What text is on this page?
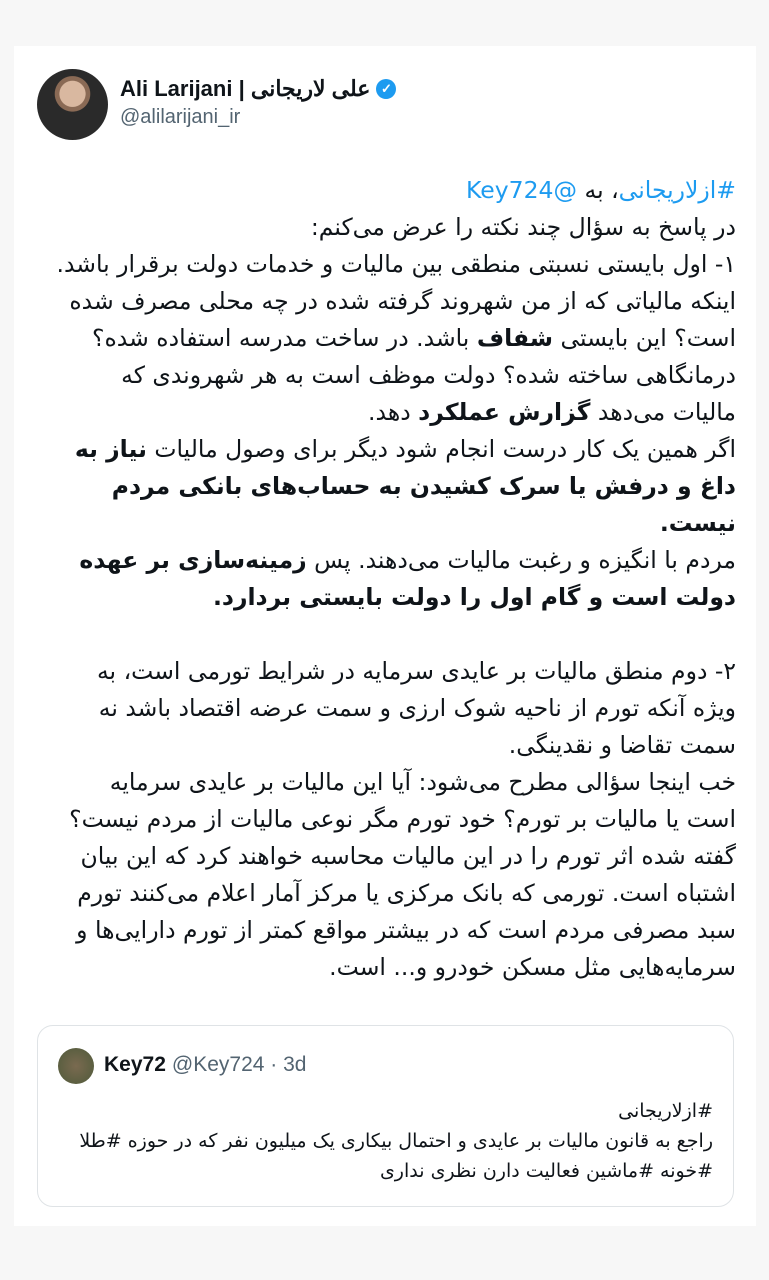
Ali Larijani | علی لاریجانی ✓
@alilarijani_ir

#ازلاریجانی، به @Key724

در پاسخ به سؤال چند نکته را عرض می‌کنم:

۱- اول بایستی نسبتی منطقی بین مالیات و خدمات دولت برقرار باشد. اینکه مالیاتی که از من شهروند گرفته شده در چه محلی مصرف شده است؟ این بایستی شفاف باشد. در ساخت مدرسه استفاده شده؟ درمانگاهی ساخته شده؟ دولت موظف است به هر شهروندی که مالیات می‌دهد گزارش عملکرد دهد.

اگر همین یک کار درست انجام شود دیگر برای وصول مالیات نیاز به داغ و درفش یا سرک کشیدن به حساب‌های بانکی مردم نیست.

مردم با انگیزه و رغبت مالیات می‌دهند. پس زمینه‌سازی بر عهده دولت است و گام اول را دولت بایستی بردارد.

۲- دوم منطق مالیات بر عایدی سرمایه در شرایط تورمی است، به ویژه آنکه تورم از ناحیه شوک ارزی و سمت عرضه اقتصاد باشد نه سمت تقاضا و نقدینگی.

خب اینجا سؤالی مطرح می‌شود: آیا این مالیات بر عایدی سرمایه است یا مالیات بر تورم؟ خود تورم مگر نوعی مالیات از مردم نیست؟ گفته شده اثر تورم را در این مالیات محاسبه خواهند کرد که این بیان اشتباه است. تورمی که بانک مرکزی یا مرکز آمار اعلام می‌کنند تورم سبد مصرفی مردم است که در بیشتر مواقع کمتر از تورم دارایی‌ها و سرمایه‌هایی مثل مسکن خودرو و... است.

Key72 @Key724 · 3d

#ازلاریجانی

راجع به قانون مالیات بر عایدی و احتمال بیکاری یک میلیون نفر که در حوزه #طلا #خونه #ماشین فعالیت دارن نظری نداری
